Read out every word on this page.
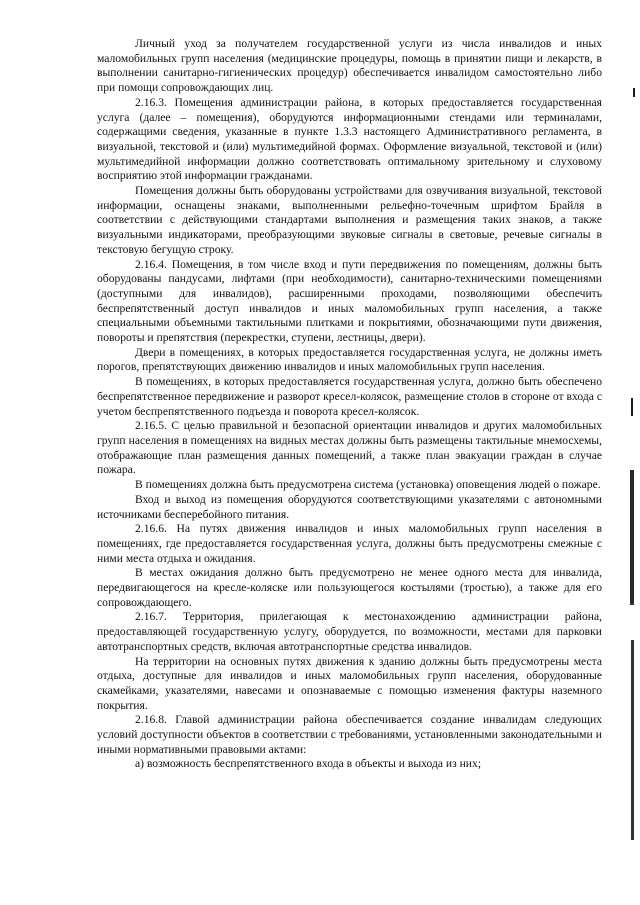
Личный уход за получателем государственной услуги из числа инвалидов и иных маломобильных групп населения (медицинские процедуры, помощь в принятии пищи и лекарств, в выполнении санитарно-гигиенических процедур) обеспечивается инвалидом самостоятельно либо при помощи сопровождающих лиц.

2.16.3. Помещения администрации района, в которых предоставляется государственная услуга (далее – помещения), оборудуются информационными стендами или терминалами, содержащими сведения, указанные в пункте 1.3.3 настоящего Административного регламента, в визуальной, текстовой и (или) мультимедийной формах. Оформление визуальной, текстовой и (или) мультимедийной информации должно соответствовать оптимальному зрительному и слуховому восприятию этой информации гражданами.

Помещения должны быть оборудованы устройствами для озвучивания визуальной, текстовой информации, оснащены знаками, выполненными рельефно-точечным шрифтом Брайля в соответствии с действующими стандартами выполнения и размещения таких знаков, а также визуальными индикаторами, преобразующими звуковые сигналы в световые, речевые сигналы в текстовую бегущую строку.

2.16.4. Помещения, в том числе вход и пути передвижения по помещениям, должны быть оборудованы пандусами, лифтами (при необходимости), санитарно-техническими помещениями (доступными для инвалидов), расширенными проходами, позволяющими обеспечить беспрепятственный доступ инвалидов и иных маломобильных групп населения, а также специальными объемными тактильными плитками и покрытиями, обозначающими пути движения, повороты и препятствия (перекрестки, ступени, лестницы, двери).

Двери в помещениях, в которых предоставляется государственная услуга, не должны иметь порогов, препятствующих движению инвалидов и иных маломобильных групп населения.

В помещениях, в которых предоставляется государственная услуга, должно быть обеспечено беспрепятственное передвижение и разворот кресел-колясок, размещение столов в стороне от входа с учетом беспрепятственного подъезда и поворота кресел-колясок.

2.16.5. С целью правильной и безопасной ориентации инвалидов и других маломобильных групп населения в помещениях на видных местах должны быть размещены тактильные мнемосхемы, отображающие план размещения данных помещений, а также план эвакуации граждан в случае пожара.

В помещениях должна быть предусмотрена система (установка) оповещения людей о пожаре.

Вход и выход из помещения оборудуются соответствующими указателями с автономными источниками бесперебойного питания.

2.16.6. На путях движения инвалидов и иных маломобильных групп населения в помещениях, где предоставляется государственная услуга, должны быть предусмотрены смежные с ними места отдыха и ожидания.

В местах ожидания должно быть предусмотрено не менее одного места для инвалида, передвигающегося на кресле-коляске или пользующегося костылями (тростью), а также для его сопровождающего.

2.16.7. Территория, прилегающая к местонахождению администрации района, предоставляющей государственную услугу, оборудуется, по возможности, местами для парковки автотранспортных средств, включая автотранспортные средства инвалидов.

На территории на основных путях движения к зданию должны быть предусмотрены места отдыха, доступные для инвалидов и иных маломобильных групп населения, оборудованные скамейками, указателями, навесами и опознаваемые с помощью изменения фактуры наземного покрытия.

2.16.8. Главой администрации района обеспечивается создание инвалидам следующих условий доступности объектов в соответствии с требованиями, установленными законодательными и иными нормативными правовыми актами:

а) возможность беспрепятственного входа в объекты и выхода из них;
